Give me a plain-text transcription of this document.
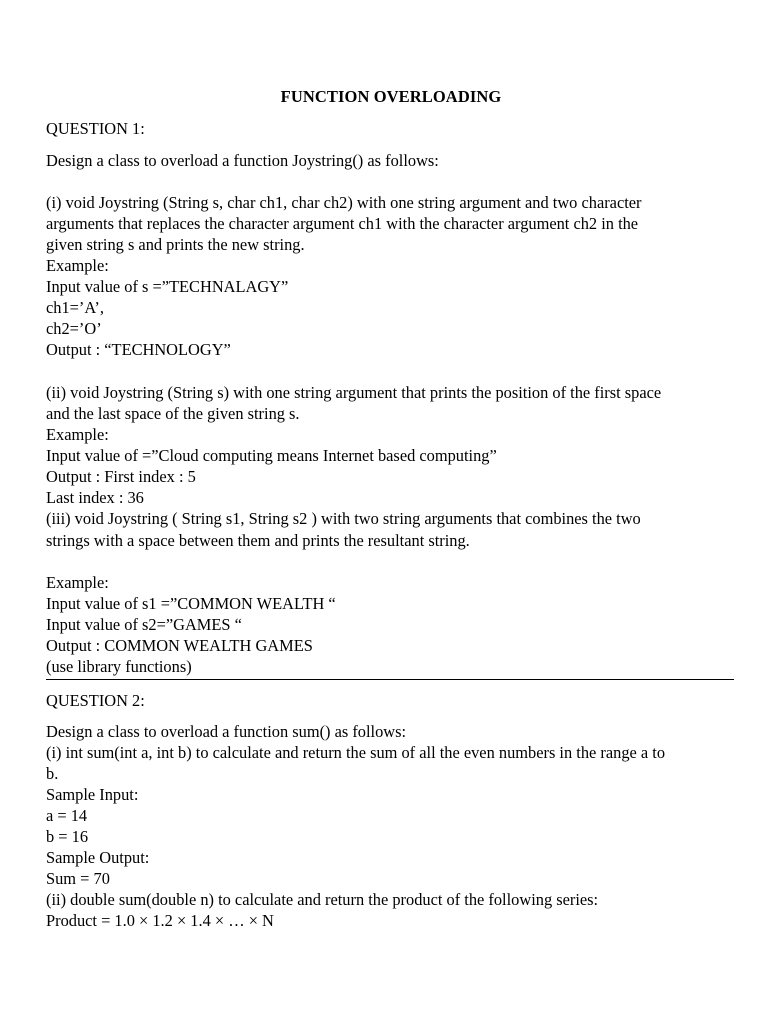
FUNCTION OVERLOADING
QUESTION 1:
Design a class to overload a function Joystring() as follows:
(i) void Joystring (String s, char ch1, char ch2) with one string argument and two character
arguments that replaces the character argument ch1 with the character argument ch2 in the
given string s and prints the new string.
Example:
Input value of s =”TECHNALAGY”
ch1=’A’,
ch2=’O’
Output : “TECHNOLOGY”
(ii) void Joystring (String s) with one string argument that prints the position of the first space
and the last space of the given string s.
Example:
Input value of =”Cloud computing means Internet based computing”
Output : First index : 5
Last index : 36
(iii) void Joystring ( String s1, String s2 ) with two string arguments that combines the two
strings with a space between them and prints the resultant string.
Example:
Input value of s1 =”COMMON WEALTH “
Input value of s2=”GAMES “
Output : COMMON WEALTH GAMES
(use library functions)
QUESTION 2:
Design a class to overload a function sum() as follows:
(i) int sum(int a, int b) to calculate and return the sum of all the even numbers in the range a to
b.
Sample Input:
a = 14
b = 16
Sample Output:
Sum = 70
(ii) double sum(double n) to calculate and return the product of the following series:
Product = 1.0 × 1.2 × 1.4 × … × N
